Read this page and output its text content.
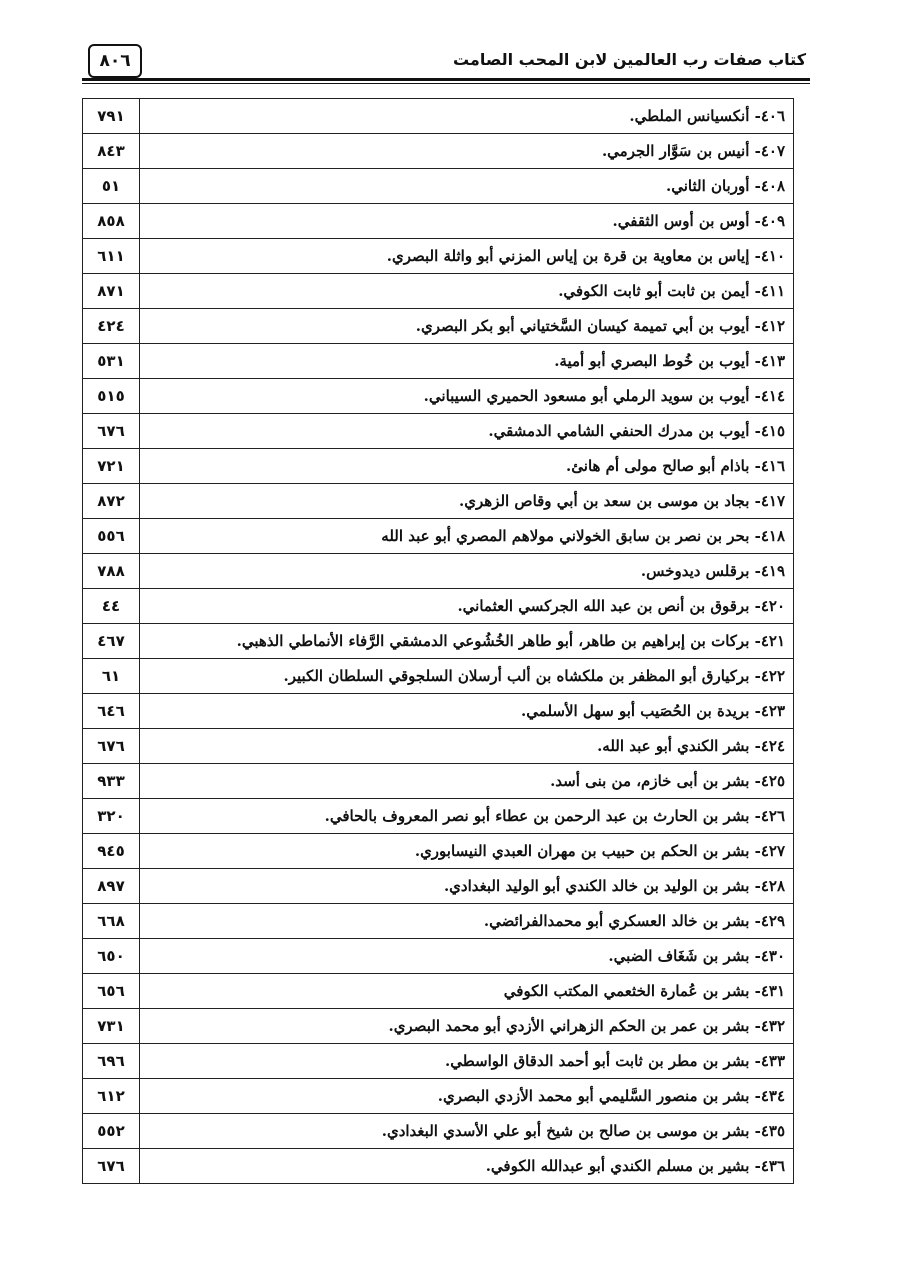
٨٠٦	كتاب صفات رب العالمين لابن المحب الصامت
٤٠٦- أنكسيانس الملطي.	٧٩١
٤٠٧- أنيس بن سَوَّار الجرمي.	٨٤٣
٤٠٨- أوربان الثاني.	٥١
٤٠٩- أوس بن أوس الثقفي.	٨٥٨
٤١٠- إياس بن معاوية بن قرة بن إياس المزني أبو واثلة البصري.	٦١١
٤١١- أيمن بن ثابت أبو ثابت الكوفي.	٨٧١
٤١٢- أيوب بن أبي تميمة كيسان السَّختياني أبو بكر البصري.	٤٢٤
٤١٣- أيوب بن خُوط البصري أبو أمية.	٥٣١
٤١٤- أيوب بن سويد الرملي أبو مسعود الحميري السيباني.	٥١٥
٤١٥- أيوب بن مدرك الحنفي الشامي الدمشقي.	٦٧٦
٤١٦- باذام أبو صالح مولى أم هانئ.	٧٢١
٤١٧- بجاد بن موسى بن سعد بن أبي وقاص الزهري.	٨٧٢
٤١٨- بحر بن نصر بن سابق الخولاني مولاهم المصري أبو عبد الله	٥٥٦
٤١٩- برقلس ديدوخس.	٧٨٨
٤٢٠- برقوق بن أنص بن عبد الله الجركسي العثماني.	٤٤
٤٢١- بركات بن إبراهيم بن طاهر، أبو طاهر الخُشُوعي الدمشقي الرَّفاء الأنماطي الذهبي.	٤٦٧
٤٢٢- بركيارق أبو المظفر بن ملكشاه بن ألب أرسلان السلجوقي السلطان الكبير.	٦١
٤٢٣- بريدة بن الحُصَيب أبو سهل الأسلمي.	٦٤٦
٤٢٤- بشر الكندي أبو عبد الله.	٦٧٦
٤٢٥- بشر بن أبى خازم، من بنى أسد.	٩٣٣
٤٢٦- بشر بن الحارث بن عبد الرحمن بن عطاء أبو نصر المعروف بالحافي.	٣٢٠
٤٢٧- بشر بن الحكم بن حبيب بن مهران العبدي النيسابوري.	٩٤٥
٤٢٨- بشر بن الوليد بن خالد الكندي أبو الوليد البغدادي.	٨٩٧
٤٢٩- بشر بن خالد العسكري أبو محمدالفرائضي.	٦٦٨
٤٣٠- بشر بن شَغَاف الضبي.	٦٥٠
٤٣١- بشر بن عُمارة الخثعمي المكتب الكوفي	٦٥٦
٤٣٢- بشر بن عمر بن الحكم الزهراني الأزدي أبو محمد البصري.	٧٣١
٤٣٣- بشر بن مطر بن ثابت أبو أحمد الدقاق الواسطي.	٦٩٦
٤٣٤- بشر بن منصور السَّليمي أبو محمد الأزدي البصري.	٦١٢
٤٣٥- بشر بن موسى بن صالح بن شيخ أبو علي الأسدي البغدادي.	٥٥٢
٤٣٦- بشير بن مسلم الكندي أبو عبدالله الكوفي.	٦٧٦
